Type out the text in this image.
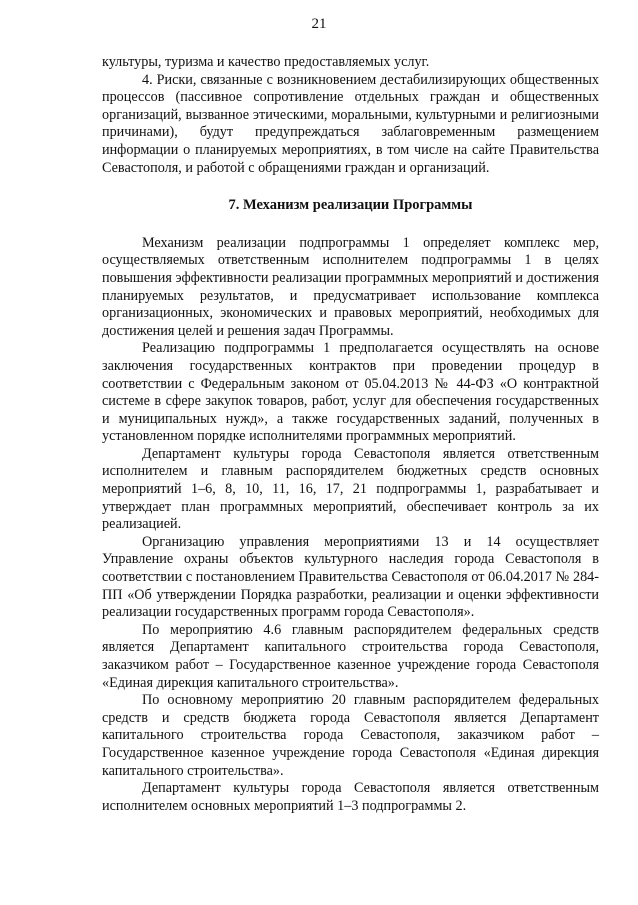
21

культуры, туризма и качество предоставляемых услуг.

4. Риски, связанные с возникновением дестабилизирующих общественных процессов (пассивное сопротивление отдельных граждан и общественных организаций, вызванное этическими, моральными, культурными и религиозными причинами), будут предупреждаться заблаговременным размещением информации о планируемых мероприятиях, в том числе на сайте Правительства Севастополя, и работой с обращениями граждан и организаций.

7. Механизм реализации Программы

Механизм реализации подпрограммы 1 определяет комплекс мер, осуществляемых ответственным исполнителем подпрограммы 1 в целях повышения эффективности реализации программных мероприятий и достижения планируемых результатов, и предусматривает использование комплекса организационных, экономических и правовых мероприятий, необходимых для достижения целей и решения задач Программы.

Реализацию подпрограммы 1 предполагается осуществлять на основе заключения государственных контрактов при проведении процедур в соответствии с Федеральным законом от 05.04.2013 № 44-ФЗ «О контрактной системе в сфере закупок товаров, работ, услуг для обеспечения государственных и муниципальных нужд», а также государственных заданий, полученных в установленном порядке исполнителями программных мероприятий.

Департамент культуры города Севастополя является ответственным исполнителем и главным распорядителем бюджетных средств основных мероприятий 1–6, 8, 10, 11, 16, 17, 21 подпрограммы 1, разрабатывает и утверждает план программных мероприятий, обеспечивает контроль за их реализацией.

Организацию управления мероприятиями 13 и 14 осуществляет Управление охраны объектов культурного наследия города Севастополя в соответствии с постановлением Правительства Севастополя от 06.04.2017 № 284-ПП «Об утверждении Порядка разработки, реализации и оценки эффективности реализации государственных программ города Севастополя».

По мероприятию 4.6 главным распорядителем федеральных средств является Департамент капитального строительства города Севастополя, заказчиком работ – Государственное казенное учреждение города Севастополя «Единая дирекция капитального строительства».

По основному мероприятию 20 главным распорядителем федеральных средств и средств бюджета города Севастополя является Департамент капитального строительства города Севастополя, заказчиком работ – Государственное казенное учреждение города Севастополя «Единая дирекция капитального строительства».

Департамент культуры города Севастополя является ответственным исполнителем основных мероприятий 1–3 подпрограммы 2.
